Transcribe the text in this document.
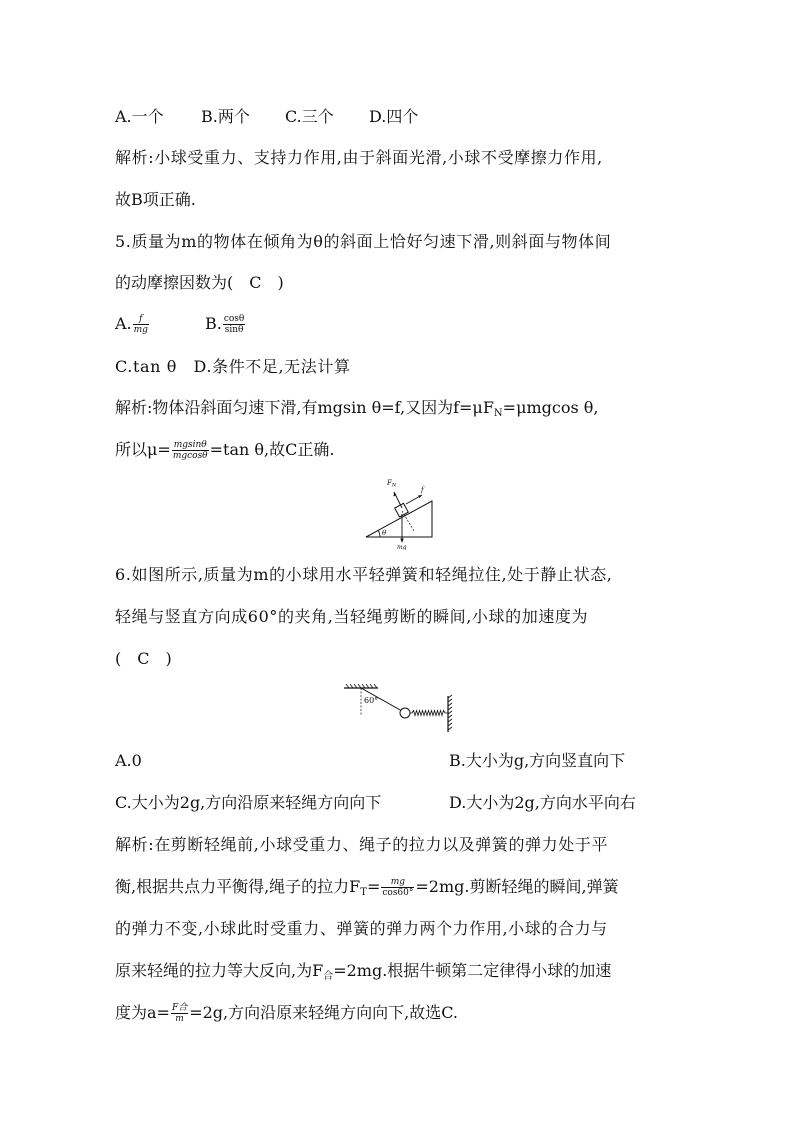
A.一个 B.两个 C.三个 D.四个
解析:小球受重力、支持力作用,由于斜面光滑,小球不受摩擦力作用,
故B项正确.
5.质量为m的物体在倾角为θ的斜面上恰好匀速下滑,则斜面与物体间
的动摩擦因数为(　C　)
A. $\frac{f}{mg}$	B. $\frac{\cos\theta}{\sin\theta}$
C.tan θ　D.条件不足,无法计算
解析:物体沿斜面匀速下滑,有mgsin θ=f,又因为$f=\mu F_N=\mu mgcos$ θ,
所以$\mu= \frac{mgsin\theta}{mgcos\theta} =\tan$ θ,故C正确.
θ
$F_N$
f
mg
6.如图所示,质量为m的小球用水平轻弹簧和轻绳拉住,处于静止状态,
轻绳与竖直方向成60°的夹角,当轻绳剪断的瞬间,小球的加速度为
(　C　)
60°
A.0	B.大小为g,方向竖直向下
C.大小为2g,方向沿原来轻绳方向向下	D.大小为2g,方向水平向右
解析:在剪断轻绳前,小球受重力、绳子的拉力以及弹簧的弹力处于平
衡,根据共点力平衡得,绳子的拉力$F_T= \frac{mg}{\cos 60^\circ} =2mg$.剪断轻绳的瞬间,弹簧
的弹力不变,小球此时受重力、弹簧的弹力两个力作用,小球的合力与
原来轻绳的拉力等大反向,为$F_合=2mg$.根据牛顿第二定律得小球的加速
度为$a= \frac{\text{F合}}{m} =2g$,方向沿原来轻绳方向向下,故选C.
